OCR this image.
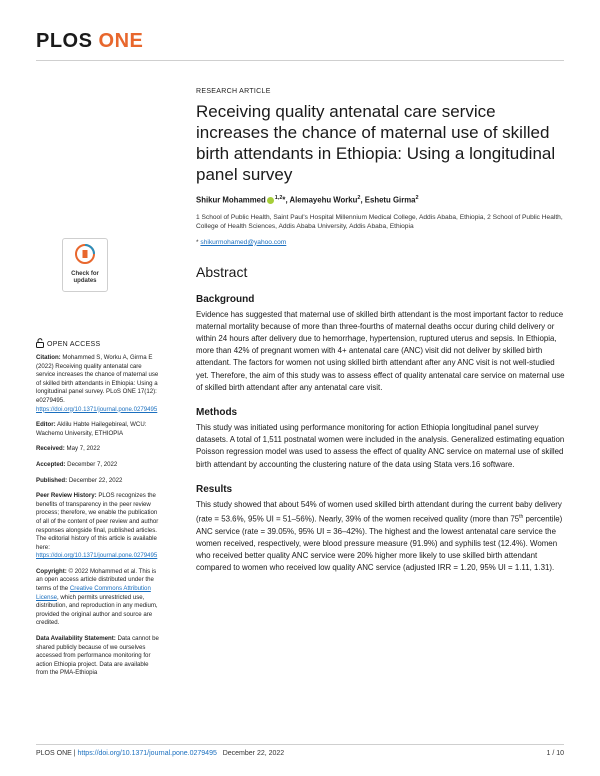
PLOS ONE
Check for
updates
OPEN ACCESS

Citation: Mohammed S, Worku A, Girma E (2022) Receiving quality antenatal care service increases the chance of maternal use of skilled birth attendants in Ethiopia: Using a longitudinal panel survey. PLoS ONE 17(12): e0279495. https://doi.org/10.1371/journal.pone.0279495

Editor: Aklilu Habte Hailegebireal, WCU: Wachemo University, ETHIOPIA

Received: May 7, 2022

Accepted: December 7, 2022

Published: December 22, 2022

Peer Review History: PLOS recognizes the benefits of transparency in the peer review process; therefore, we enable the publication of all of the content of peer review and author responses alongside final, published articles. The editorial history of this article is available here: https://doi.org/10.1371/journal.pone.0279495

Copyright: © 2022 Mohammed et al. This is an open access article distributed under the terms of the Creative Commons Attribution License, which permits unrestricted use, distribution, and reproduction in any medium, provided the original author and source are credited.

Data Availability Statement: Data cannot be shared publicly because of we ourselves accessed from performance monitoring for action Ethiopia project. Data are available from the PMA-Ethiopia

RESEARCH ARTICLE
Receiving quality antenatal care service increases the chance of maternal use of skilled birth attendants in Ethiopia: Using a longitudinal panel survey
Shikur Mohammed $^{1,2}$*, Alemayehu Worku$^2$, Eshetu Girma$^2$
1 School of Public Health, Saint Paul's Hospital Millennium Medical College, Addis Ababa, Ethiopia, 2 School of Public Health, College of Health Sciences, Addis Ababa University, Addis Ababa, Ethiopia
* shikurmohamed@yahoo.com
Abstract
Background

Evidence has suggested that maternal use of skilled birth attendant is the most important factor to reduce maternal mortality because of more than three-fourths of maternal deaths occur during child delivery or within 24 hours after delivery due to hemorrhage, hypertension, ruptured uterus and sepsis. In Ethiopia, more than 42% of pregnant women with 4+ antenatal care (ANC) visit did not deliver by skilled birth attendant. The factors for women not using skilled birth attendant after any ANC visit is not well-studied yet. Therefore, the aim of this study was to assess effect of quality antenatal care service on maternal use of skilled birth attendant after any antenatal care visit.

Methods

This study was initiated using performance monitoring for action Ethiopia longitudinal panel survey datasets. A total of 1,511 postnatal women were included in the analysis. Generalized estimating equation Poisson regression model was used to assess the effect of quality ANC service on maternal use of skilled birth attendant by accounting the clustering nature of the data using Stata vers.16 software.

Results

This study showed that about 54% of women used skilled birth attendant during the current baby delivery (rate = 53.6%, 95% UI = 51–56%). Nearly, 39% of the women received quality (more than 75th percentile) ANC service (rate = 39.05%, 95% UI = 36–42%). The highest and the lowest antenatal care service the women received, respectively, were blood pressure measure (91.9%) and syphilis test (12.4%). Women who received better quality ANC service were 20% higher more likely to use skilled birth attendant compared to women who received low quality ANC service (adjusted IRR = 1.20, 95% UI = 1.11, 1.31).

PLOS ONE | https://doi.org/10.1371/journal.pone.0279495 December 22, 2022	1 / 10
